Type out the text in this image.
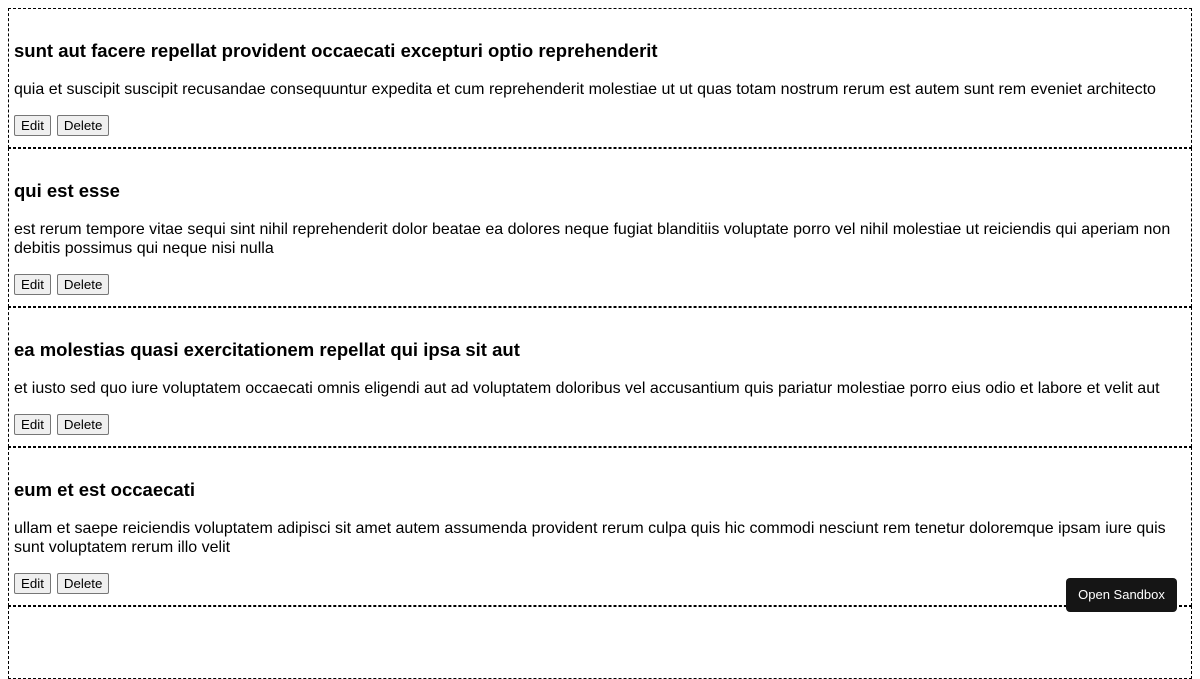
sunt aut facere repellat provident occaecati excepturi optio reprehenderit

quia et suscipit suscipit recusandae consequuntur expedita et cum reprehenderit molestiae ut ut quas totam nostrum rerum est autem sunt rem eveniet architecto

Edit	Delete
qui est esse

est rerum tempore vitae sequi sint nihil reprehenderit dolor beatae ea dolores neque fugiat blanditiis voluptate porro vel nihil molestiae ut reiciendis qui aperiam non debitis possimus qui neque nisi nulla

Edit	Delete
ea molestias quasi exercitationem repellat qui ipsa sit aut

et iusto sed quo iure voluptatem occaecati omnis eligendi aut ad voluptatem doloribus vel accusantium quis pariatur molestiae porro eius odio et labore et velit aut

Edit	Delete
eum et est occaecati

ullam et saepe reiciendis voluptatem adipisci sit amet autem assumenda provident rerum culpa quis hic commodi nesciunt rem tenetur doloremque ipsam iure quis sunt voluptatem rerum illo velit

Edit	Delete

Open Sandbox
